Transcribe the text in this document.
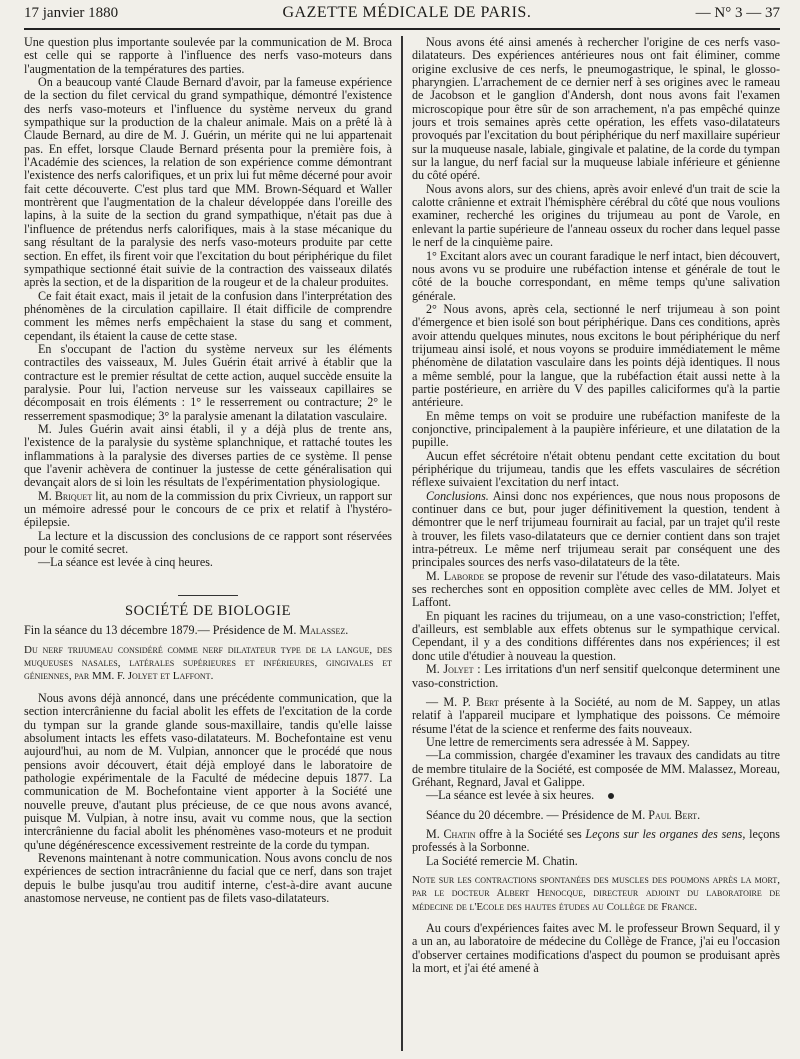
17 janvier 1880	GAZETTE MÉDICALE DE PARIS.	— N° 3 — 37

Une question plus importante soulevée par la communication de M. Broca est celle qui se rapporte à l'influence des nerfs vaso-moteurs dans l'augmentation de la températures des parties.

On a beaucoup vanté Claude Bernard d'avoir, par la fameuse expérience de la section du filet cervical du grand sympathique, démontré l'existence des nerfs vaso-moteurs et l'influence du système nerveux du grand sympathique sur la production de la chaleur animale. Mais on a prêté là à Claude Bernard, au dire de M. J. Guérin, un mérite qui ne lui appartenait pas. En effet, lorsque Claude Bernard présenta pour la première fois, à l'Académie des sciences, la relation de son expérience comme démontrant l'existence des nerfs calorifiques, et un prix lui fut même décerné pour avoir fait cette découverte. C'est plus tard que MM. Brown-Séquard et Waller montrèrent que l'augmentation de la chaleur développée dans l'oreille des lapins, à la suite de la section du grand sympathique, n'était pas due à l'influence de prétendus nerfs calorifiques, mais à la stase mécanique du sang résultant de la paralysie des nerfs vaso-moteurs produite par cette section. En effet, ils firent voir que l'excitation du bout périphérique du filet sympathique sectionné était suivie de la contraction des vaisseaux dilatés après la section, et de la disparition de la rougeur et de la chaleur produites.

Ce fait était exact, mais il jetait de la confusion dans l'interprétation des phénomènes de la circulation capillaire. Il était difficile de comprendre comment les mêmes nerfs empêchaient la stase du sang et comment, cependant, ils étaient la cause de cette stase.

En s'occupant de l'action du système nerveux sur les éléments contractiles des vaisseaux, M. Jules Guérin était arrivé à établir que la contracture est le premier résultat de cette action, auquel succède ensuite la paralysie. Pour lui, l'action nerveuse sur les vaisseaux capillaires se décomposait en trois éléments : 1° le resserrement ou contracture; 2° le resserrement spasmodique; 3° la paralysie amenant la dilatation vasculaire.

M. Jules Guérin avait ainsi établi, il y a déjà plus de trente ans, l'existence de la paralysie du système splanchnique, et rattaché toutes les inflammations à la paralysie des diverses parties de ce système. Il pense que l'avenir achèvera de continuer la justesse de cette généralisation qui devançait alors de si loin les résultats de l'expérimentation physiologique.

M. Briquet lit, au nom de la commission du prix Civrieux, un rapport sur un mémoire adressé pour le concours de ce prix et relatif à l'hystéro-épilepsie.

La lecture et la discussion des conclusions de ce rapport sont réservées pour le comité secret.

—La séance est levée à cinq heures.

SOCIÉTÉ DE BIOLOGIE

Fin la séance du 13 décembre 1879.— Présidence de M. Malassez.

Du nerf trijumeau considéré comme nerf dilatateur type de la langue, des muqueuses nasales, latérales supérieures et inférieures, gingivales et géniennes, par MM. F. Jolyet et Laffont.

Nous avons déjà annoncé, dans une précédente communication, que la section intercrânienne du facial abolit les effets de l'excitation de la corde du tympan sur la grande glande sous-maxillaire, tandis qu'elle laisse absolument intacts les effets vaso-dilatateurs. M. Bochefontaine est venu aujourd'hui, au nom de M. Vulpian, annoncer que le procédé que nous pensions avoir découvert, était déjà employé dans le laboratoire de pathologie expérimentale de la Faculté de médecine depuis 1877. La communication de M. Bochefontaine vient apporter à la Société une nouvelle preuve, d'autant plus précieuse, de ce que nous avons avancé, puisque M. Vulpian, à notre insu, avait vu comme nous, que la section intercrânienne du facial abolit les phénomènes vaso-moteurs et ne produit qu'une dégénérescence excessivement restreinte de la corde du tympan.

Revenons maintenant à notre communication. Nous avons conclu de nos expériences de section intracrânienne du facial que ce nerf, dans son trajet depuis le bulbe jusqu'au trou auditif interne, c'est-à-dire avant aucune anastomose nerveuse, ne contient pas de filets vaso-dilatateurs.

Nous avons été ainsi amenés à rechercher l'origine de ces nerfs vaso-dilatateurs. Des expériences antérieures nous ont fait éliminer, comme origine exclusive de ces nerfs, le pneumogastrique, le spinal, le glosso-pharyngien. L'arrachement de ce dernier nerf à ses origines avec le rameau de Jacobson et le ganglion d'Andersh, dont nous avons fait l'examen microscopique pour être sûr de son arrachement, n'a pas empêché quinze jours et trois semaines après cette opération, les effets vaso-dilatateurs provoqués par l'excitation du bout périphérique du nerf maxillaire supérieur sur la muqueuse nasale, labiale, gingivale et palatine, de la corde du tympan sur la langue, du nerf facial sur la muqueuse labiale inférieure et génienne du côté opéré.

Nous avons alors, sur des chiens, après avoir enlevé d'un trait de scie la calotte crânienne et extrait l'hémisphère cérébral du côté que nous voulions examiner, recherché les origines du trijumeau au pont de Varole, en enlevant la partie supérieure de l'anneau osseux du rocher dans lequel passe le nerf de la cinquième paire.

1° Excitant alors avec un courant faradique le nerf intact, bien découvert, nous avons vu se produire une rubéfaction intense et générale de tout le côté de la bouche correspondant, en même temps qu'une salivation générale.

2° Nous avons, après cela, sectionné le nerf trijumeau à son point d'émergence et bien isolé son bout périphérique. Dans ces conditions, après avoir attendu quelques minutes, nous excitons le bout périphérique du nerf trijumeau ainsi isolé, et nous voyons se produire immédiatement le même phénomène de dilatation vasculaire dans les points déjà identiques. Il nous a même semblé, pour la langue, que la rubéfaction était aussi nette à la partie postérieure, en arrière du V des papilles caliciformes qu'à la partie antérieure.

En même temps on voit se produire une rubéfaction manifeste de la conjonctive, principalement à la paupière inférieure, et une dilatation de la pupille.

Aucun effet sécrétoire n'était obtenu pendant cette excitation du bout périphérique du trijumeau, tandis que les effets vasculaires de sécrétion réflexe suivaient l'excitation du nerf intact.

Conclusions. Ainsi donc nos expériences, que nous nous proposons de continuer dans ce but, pour juger définitivement la question, tendent à démontrer que le nerf trijumeau fournirait au facial, par un trajet qu'il reste à trouver, les filets vaso-dilatateurs que ce dernier contient dans son trajet intra-pétreux. Le même nerf trijumeau serait par conséquent une des principales sources des nerfs vaso-dilatateurs de la tête.

M. Laborde se propose de revenir sur l'étude des vaso-dilatateurs. Mais ses recherches sont en opposition complète avec celles de MM. Jolyet et Laffont.

En piquant les racines du trijumeau, on a une vaso-constriction; l'effet, d'ailleurs, est semblable aux effets obtenus sur le sympathique cervical. Cependant, il y a des conditions différentes dans nos expériences; il est donc utile d'étudier à nouveau la question.

M. Jolyet : Les irritations d'un nerf sensitif quelconque determinent une vaso-constriction.

— M. P. Bert présente à la Société, au nom de M. Sappey, un atlas relatif à l'appareil mucipare et lymphatique des poissons. Ce mémoire résume l'état de la science et renferme des faits nouveaux.

Une lettre de remerciments sera adressée à M. Sappey.

—La commission, chargée d'examiner les travaux des candidats au titre de membre titulaire de la Société, est composée de MM. Malassez, Moreau, Gréhant, Regnard, Javal et Galippe.

—La séance est levée à six heures.

Séance du 20 décembre. — Présidence de M. Paul Bert.

M. Chatin offre à la Société ses Leçons sur les organes des sens, leçons professés à la Sorbonne.

La Société remercie M. Chatin.

Note sur les contractions spontanées des muscles des poumons après la mort, par le docteur Albert Henocque, directeur adjoint du laboratoire de médecine de l'Ecole des hautes études au Collège de France.

Au cours d'expériences faites avec M. le professeur Brown Sequard, il y a un an, au laboratoire de médecine du Collège de France, j'ai eu l'occasion d'observer certaines modifications d'aspect du poumon se produisant après la mort, et j'ai été amené à
